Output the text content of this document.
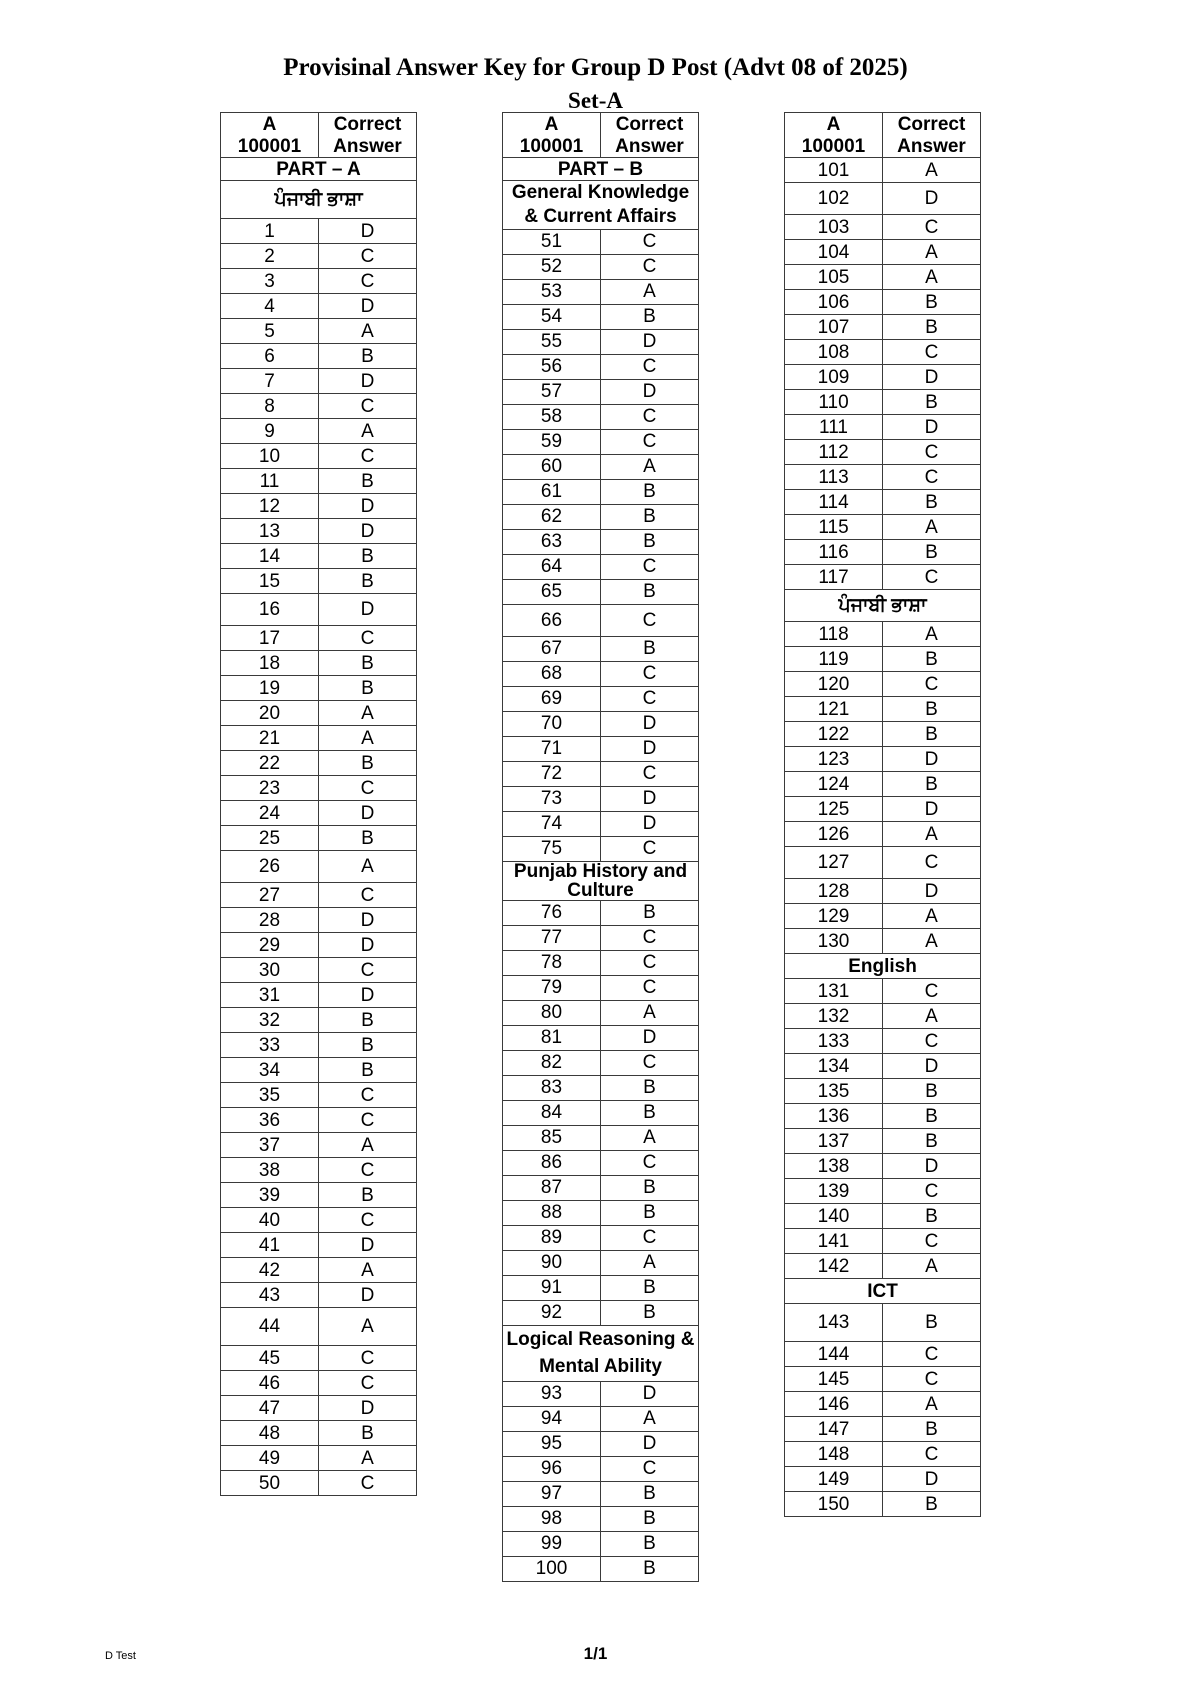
Provisinal Answer Key for Group D Post (Advt 08 of 2025)
Set-A
A	Correct
100001	Answer
PART – A	
ਪੰਜਾਬੀ ਭਾਸ਼ਾ	
1	D
2	C
3	C
4	D
5	A
6	B
7	D
8	C
9	A
10	C
11	B
12	D
13	D
14	B
15	B
16	D
17	C
18	B
19	B
20	A
21	A
22	B
23	C
24	D
25	B
26	A
27	C
28	D
29	D
30	C
31	D
32	B
33	B
34	B
35	C
36	C
37	A
38	C
39	B
40	C
41	D
42	A
43	D
44	A
45	C
46	C
47	D
48	B
49	A
50	C
A	Correct
100001	Answer
PART – B	
General Knowledge & Current Affairs	
51	C
52	C
53	A
54	B
55	D
56	C
57	D
58	C
59	C
60	A
61	B
62	B
63	B
64	C
65	B
66	C
67	B
68	C
69	C
70	D
71	D
72	C
73	D
74	D
75	C
Punjab History and Culture	
76	B
77	C
78	C
79	C
80	A
81	D
82	C
83	B
84	B
85	A
86	C
87	B
88	B
89	C
90	A
91	B
92	B
Logical Reasoning & Mental Ability	
93	D
94	A
95	D
96	C
97	B
98	B
99	B
100	B
A	Correct
100001	Answer
101	A
102	D
103	C
104	A
105	A
106	B
107	B
108	C
109	D
110	B
111	D
112	C
113	C
114	B
115	A
116	B
117	C
ਪੰਜਾਬੀ ਭਾਸ਼ਾ	
118	A
119	B
120	C
121	B
122	B
123	D
124	B
125	D
126	A
127	C
128	D
129	A
130	A
English	
131	C
132	A
133	C
134	D
135	B
136	B
137	B
138	D
139	C
140	B
141	C
142	A
ICT	
143	B
144	C
145	C
146	A
147	B
148	C
149	D
150	B
D Test	1/1
